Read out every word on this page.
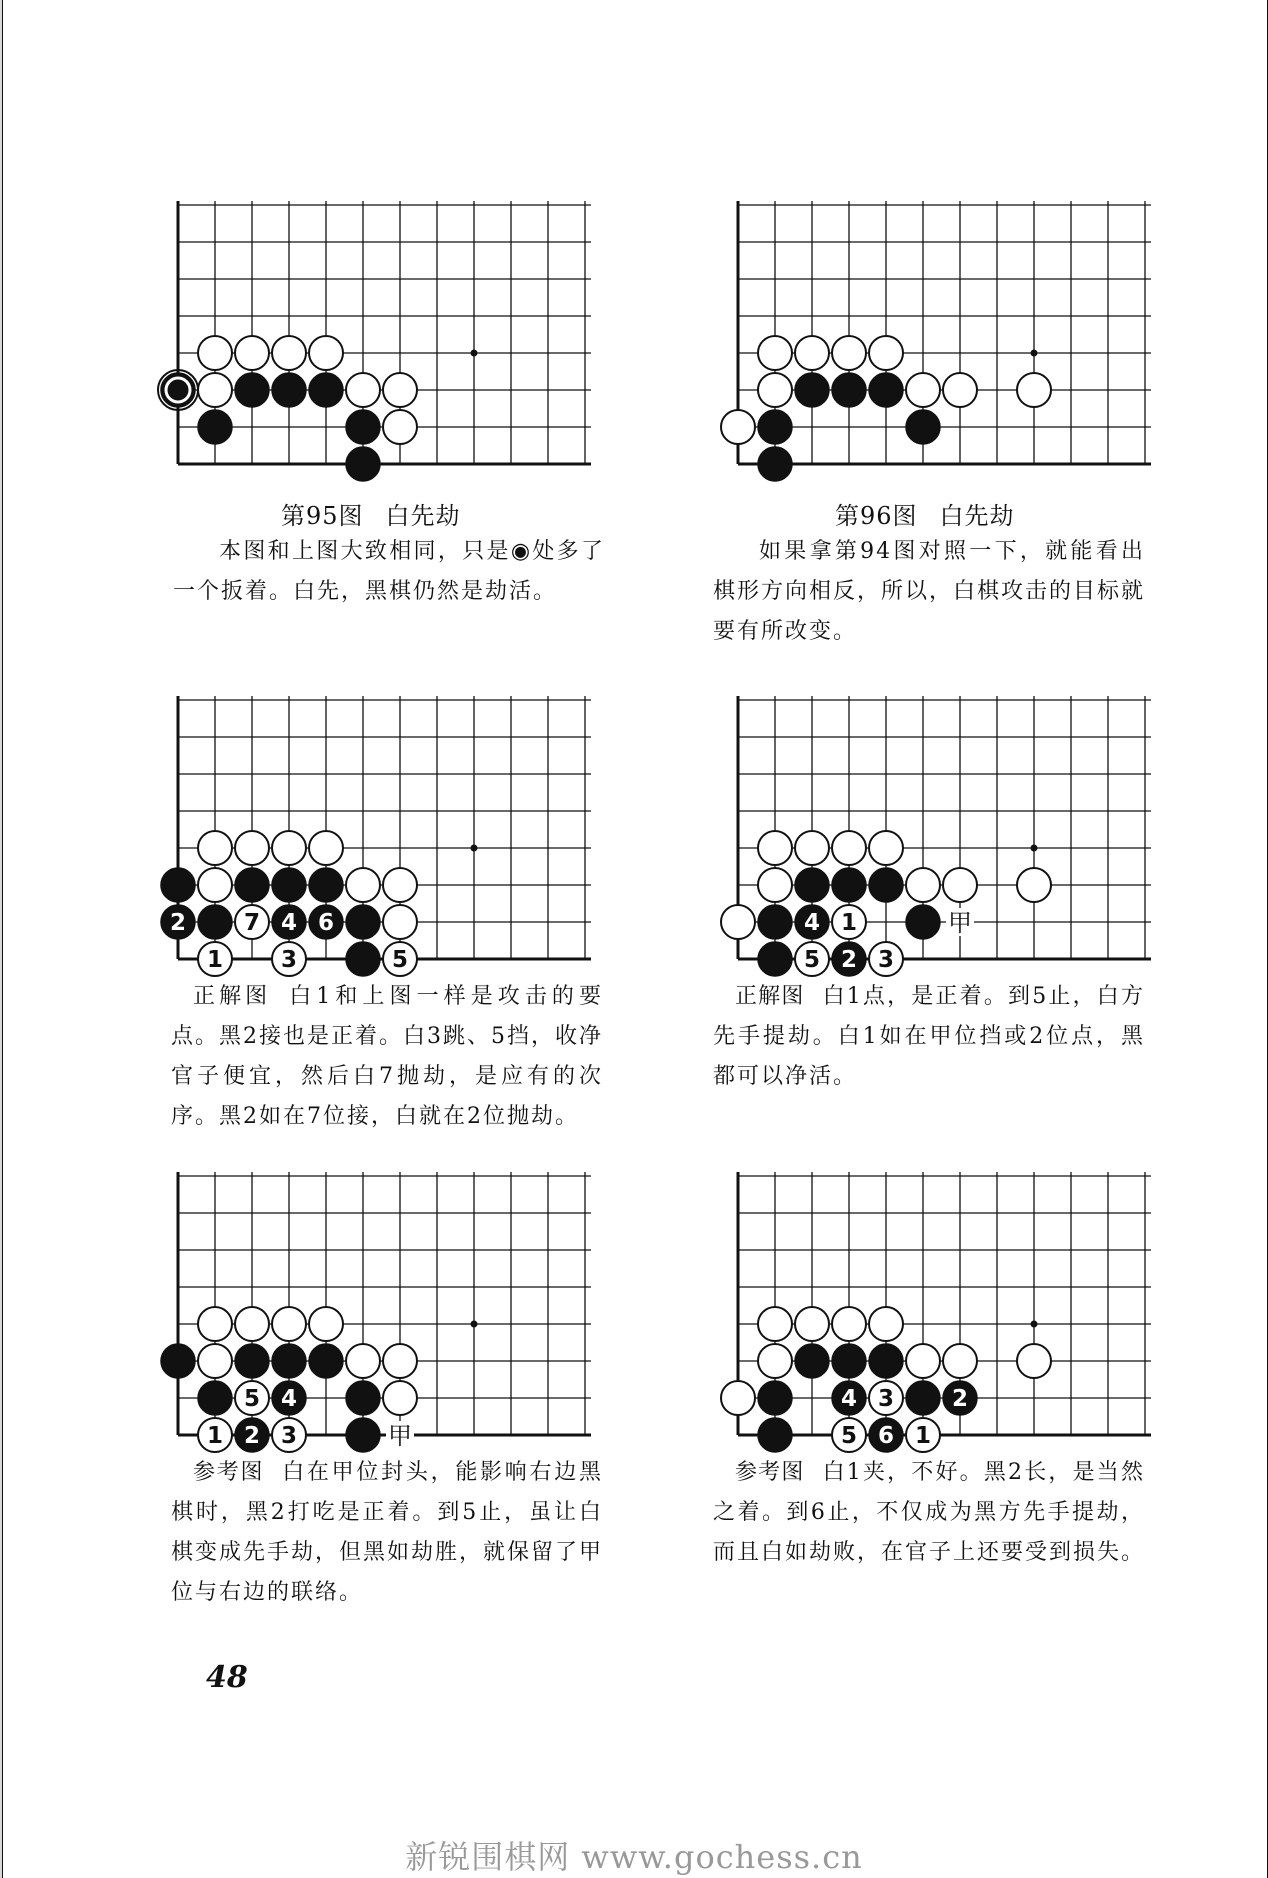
第95图 白先劫
本图和上图大致相同，只是◉处多了一个扳着。白先，黑棋仍然是劫活。
第96图 白先劫
如果拿第94图对照一下，就能看出棋形方向相反，所以，白棋攻击的目标就要有所改变。
2	7 4 6
1	3	5
正解图 白1和上图一样是攻击的要点。黑2接也是正着。白3跳、5挡，收净官子便宜，然后白7抛劫，是应有的次序。黑2如在7位接，白就在2位抛劫。
4 1
5 2 3
甲
正解图 白1点，是正着。到5止，白方先手提劫。白1如在甲位挡或2位点，黑都可以净活。
5 4
1 2 3	甲
参考图 白在甲位封头，能影响右边黑棋时，黑2打吃是正着。到5止，虽让白棋变成先手劫，但黑如劫胜，就保留了甲位与右边的联络。
4 3	2
5 6 1
参考图 白1夹，不好。黑2长，是当然之着。到6止，不仅成为黑方先手提劫，而且白如劫败，在官子上还要受到损失。
48
新锐围棋网 www.gochess.cn
